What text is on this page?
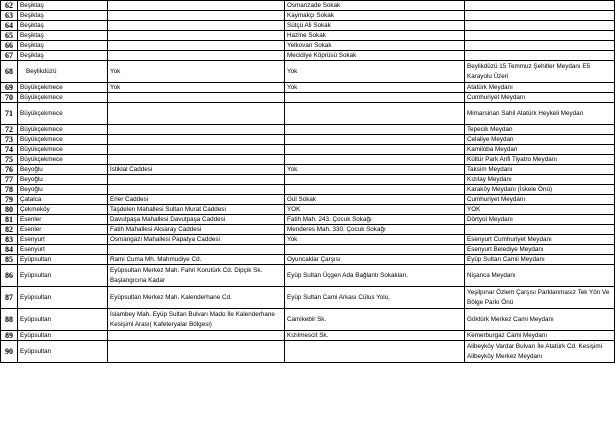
62	Beşiktaş		Osmanzade Sokak	
63	Beşiktaş		Kaymakçı Sokak	
64	Beşiktaş		Sütçü Ali Sokak	
65	Beşiktaş		Hazine Sokak	
66	Beşiktaş		Yelkovan Sokak	
67	Beşiktaş		Mecidiye Köprüsü Sokak	
68	Beylikdüzü	Yok	Yok	Beylikdüzü 15 Temmuz Şehitler Meydanı E5 Karayolu Üzeri
69	Büyükçekmece	Yok	Yok	Atatürk Meydanı
70	Büyükçekmece			Cumhuriyet Meydanı
71	Büyükçekmece			Mimarsinan Sahil Atatürk Heykeli Meydan
72	Büyükçekmece			Tepecik Meydan
73	Büyükçekmece			Celaliye Meydan
74	Büyükçekmece			Kamiloba Meydan
75	Büyükçekmece			Kültür Park Anfi Tiyatro Meydanı
76	Beyoğlu	İstiklal Caddesi	Yok	Taksim Meydanı
77	Beyoğlu			Kızılay Meydanı
78	Beyoğlu			Karaköy Meydanı (İskele Önü)
79	Çatalca	Erler Caddesi	Gül Sokak	Cumhuriyet Meydanı
80	Çekmeköy	Taşdelen Mahallesi Sultan Murat Caddesi	YOK	YOK
81	Esenler	Davutpaşa Mahallesi Davutpaşa Caddesi	Fatih Mah. 243. Çocuk Sokağı	Dörtyol Meydanı
82	Esenler	Fatih Mahallesi Aksaray Caddesi	Menderes Mah. 330. Çocuk Sokağı	
83	Esenyurt	Osmangazi Mahallesi Papatya Caddesi	Yok	Esenyurt Cumhuriyet Meydanı
84	Esenyurt			Esenyurt Belediye Meydanı
85	Eyüpsultan	Rami Cuma Mh. Mahmudiye Cd.	Oyuncaklar Çarşısı	Eyüp Sultan Camii Meydanı
86	Eyüpsultan	Eyüpsultan Merkez Mah. Fahri Korutürk Cd. Dipçik Sk. Başlangıcına Kadar	Eyüp Sultan Üçgen Ada Bağlantı Sokakları.	Nişanca Meydanı
87	Eyüpsultan	Eyüpsultan Merkez Mah. Kalenderhane Cd.	Eyüp Sultan Cami Arkası Cülus Yolu,	Yeşilpınar Özlem Çarşısı Parklanmasız Tek Yön Ve Bölge Parkı Önü
88	Eyüpsultan	İslambey Mah. Eyüp Sultan Bulvarı Mado İle Kalenderhane Kesişimi Arası( Kafeteryalar Bölgesi)	Camikebir Sk.	Göktürk Merkez Cami Meydanı
89	Eyüpsultan		Kızılmescit Sk.	Kemerburgaz Cami Meydanı
90	Eyüpsultan			Alibeyköy Vardar Bulvarı İle Atatürk Cd. Kesişimi Alibeyköy Merkez Meydanı
